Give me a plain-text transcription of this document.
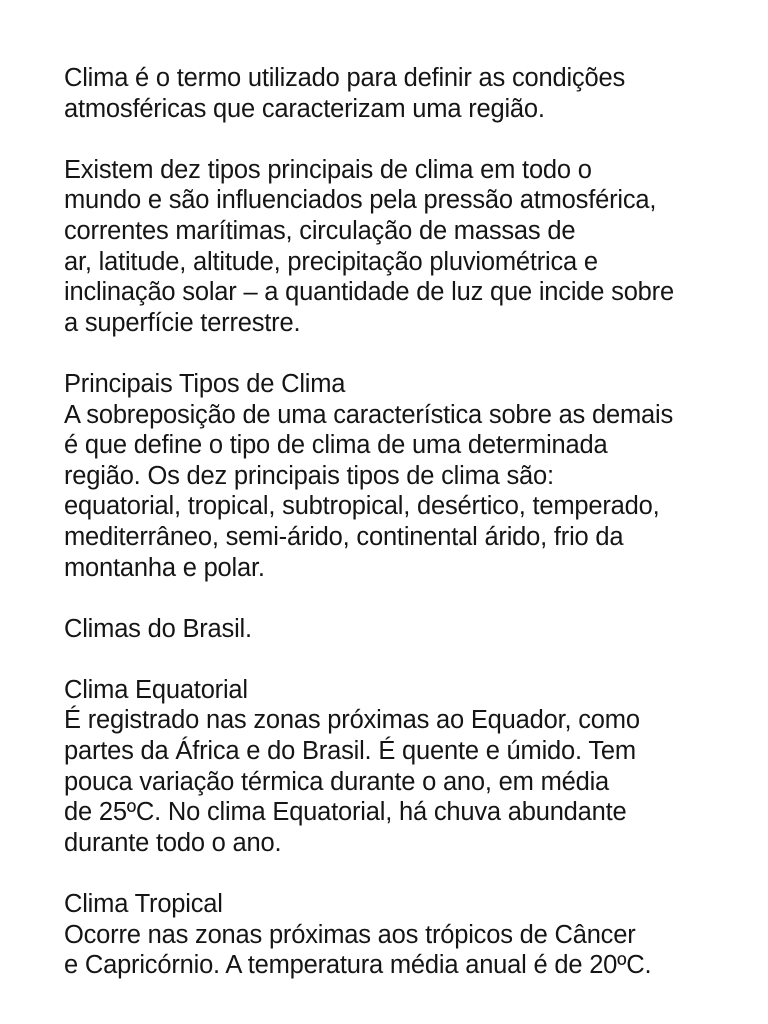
Clima é o termo utilizado para definir as condições
atmosféricas que caracterizam uma região.
Existem dez tipos principais de clima em todo o
mundo e são influenciados pela pressão atmosférica,
correntes marítimas, circulação de massas de
ar, latitude, altitude, precipitação pluviométrica e
inclinação solar – a quantidade de luz que incide sobre
a superfície terrestre.
Principais Tipos de Clima
A sobreposição de uma característica sobre as demais
é que define o tipo de clima de uma determinada
região. Os dez principais tipos de clima são:
equatorial, tropical, subtropical, desértico, temperado,
mediterrâneo, semi-árido, continental árido, frio da
montanha e polar.
Climas do Brasil.
Clima Equatorial
É registrado nas zonas próximas ao Equador, como
partes da África e do Brasil. É quente e úmido. Tem
pouca variação térmica durante o ano, em média
de 25ºC. No clima Equatorial, há chuva abundante
durante todo o ano.
Clima Tropical
Ocorre nas zonas próximas aos trópicos de Câncer
e Capricórnio. A temperatura média anual é de 20ºC.
